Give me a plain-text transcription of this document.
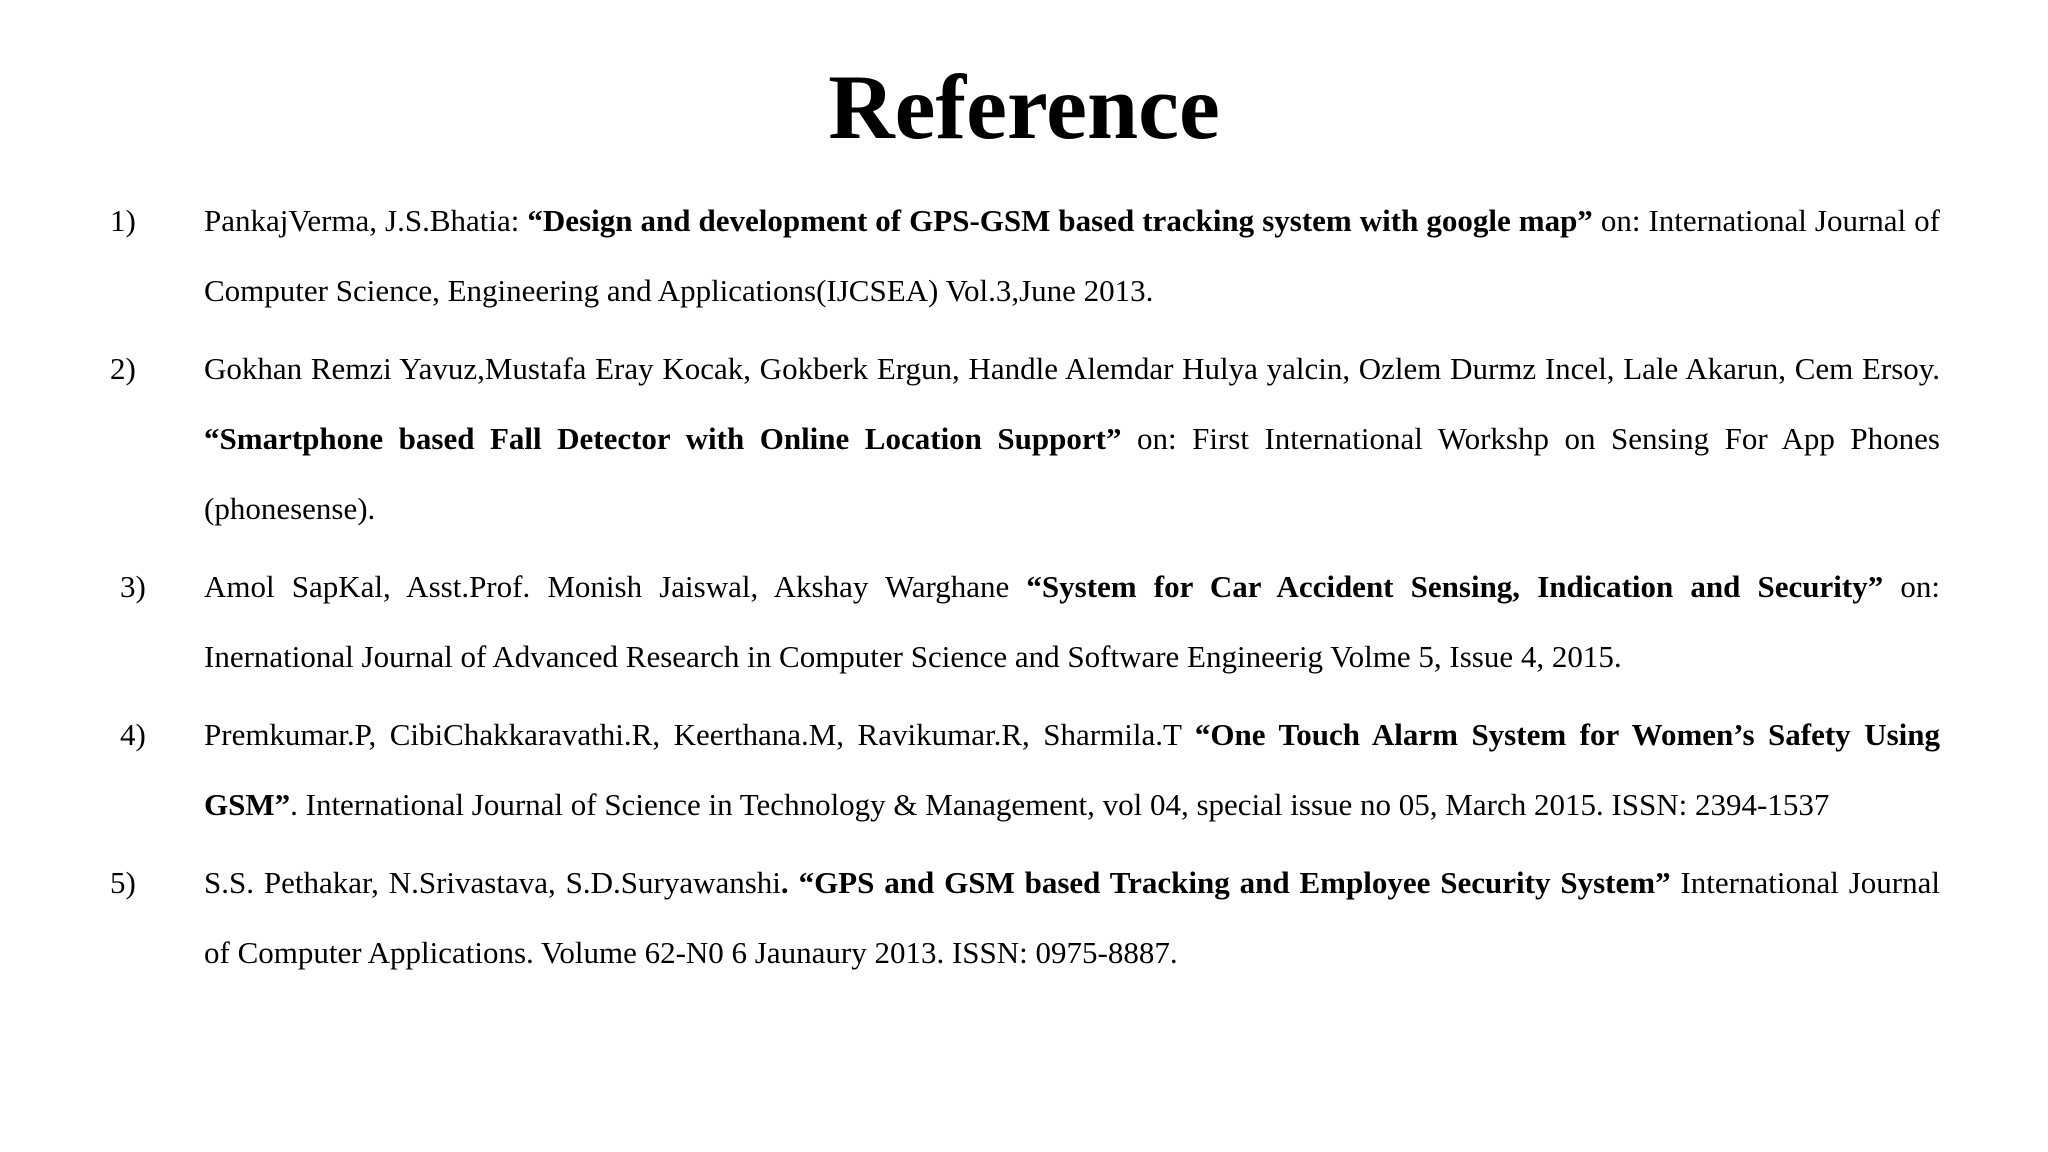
Reference
1)	PankajVerma, J.S.Bhatia: “Design and development of GPS-GSM based tracking system with google map” on: International Journal of Computer Science, Engineering and Applications(IJCSEA) Vol.3,June 2013.
2)	Gokhan Remzi Yavuz,Mustafa Eray Kocak, Gokberk Ergun, Handle Alemdar Hulya yalcin, Ozlem Durmz Incel, Lale Akarun, Cem Ersoy. “Smartphone based Fall Detector with Online Location Support” on: First International Workshp on Sensing For App Phones (phonesense).
3)	Amol SapKal, Asst.Prof. Monish Jaiswal, Akshay Warghane “System for Car Accident Sensing, Indication and Security” on: Inernational Journal of Advanced Research in Computer Science and Software Engineerig Volme 5, Issue 4, 2015.
4)	Premkumar.P, CibiChakkaravathi.R, Keerthana.M, Ravikumar.R, Sharmila.T “One Touch Alarm System for Women’s Safety Using GSM”. International Journal of Science in Technology & Management, vol 04, special issue no 05, March 2015. ISSN: 2394-1537
5)	S.S. Pethakar, N.Srivastava, S.D.Suryawanshi. “GPS and GSM based Tracking and Employee Security System” International Journal of Computer Applications. Volume 62-N0 6 Jaunaury 2013. ISSN: 0975-8887.
